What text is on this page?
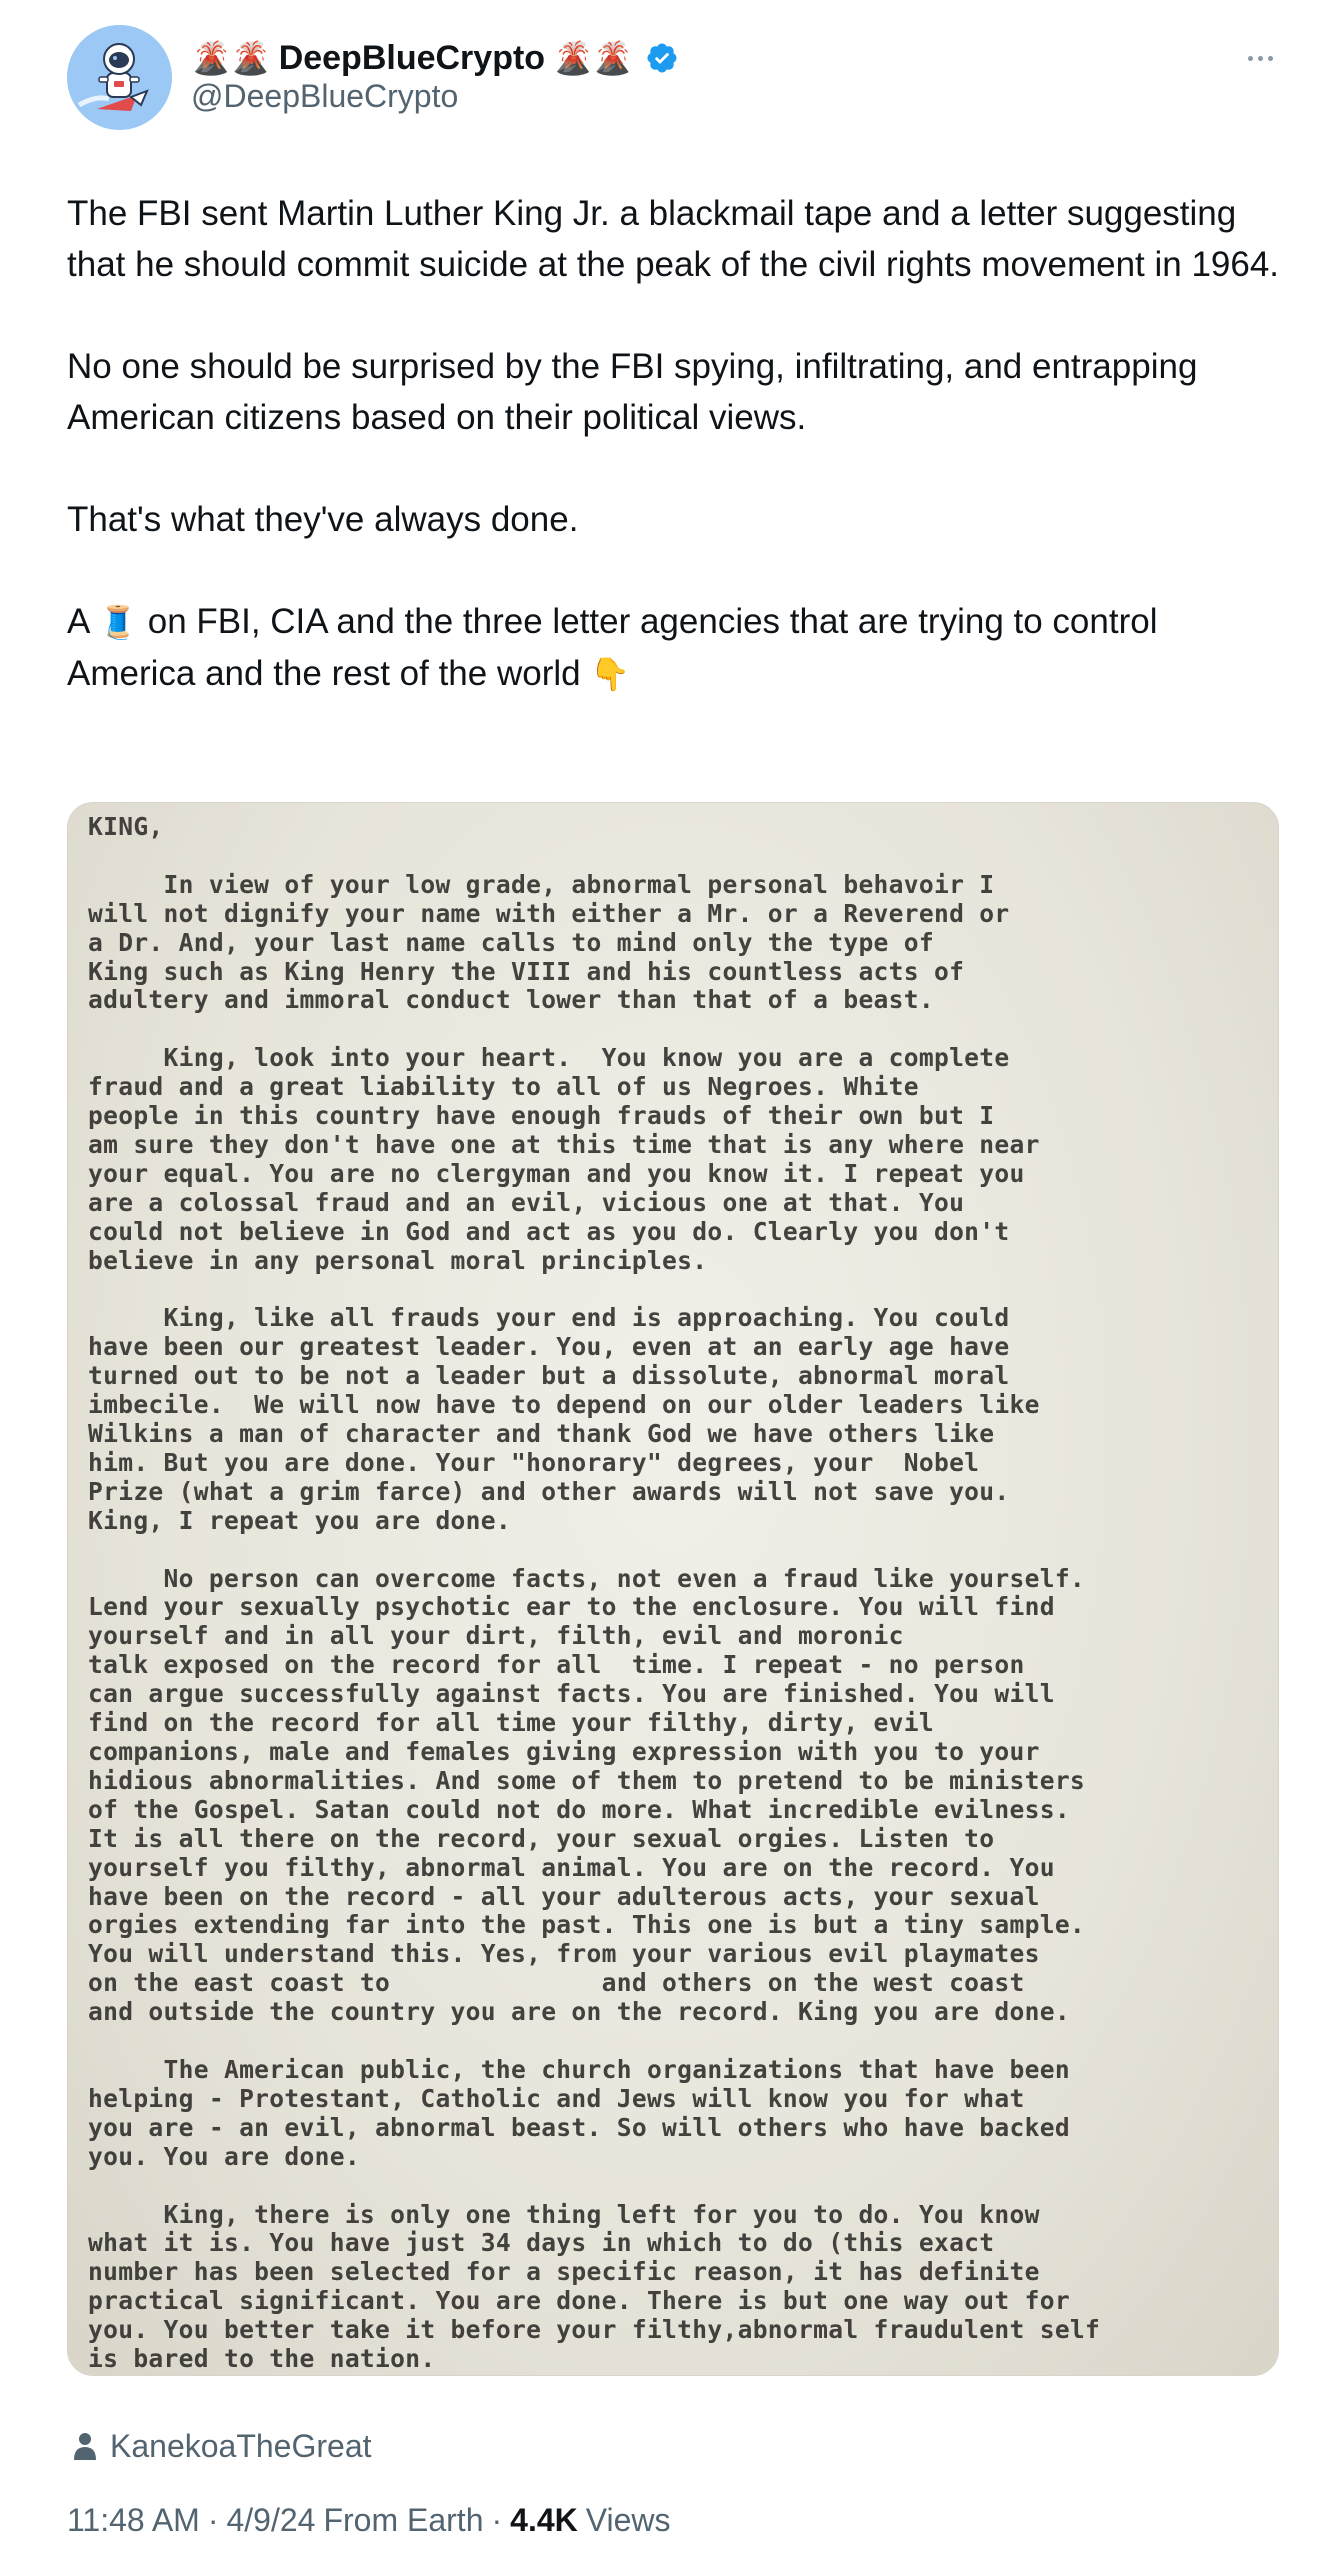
🌋🌋 DeepBlueCrypto 🌋🌋
@DeepBlueCrypto

The FBI sent Martin Luther King Jr. a blackmail tape and a letter suggesting that he should commit suicide at the peak of the civil rights movement in 1964.

No one should be surprised by the FBI spying, infiltrating, and entrapping American citizens based on their political views.

That's what they've always done.

A 🧵 on FBI, CIA and the three letter agencies that are trying to control America and the rest of the world 👇

KING,

In view of your low grade, abnormal personal behavoir I
will not dignify your name with either a Mr. or a Reverend or
a Dr. And, your last name calls to mind only the type of
King such as King Henry the VIII and his countless acts of
adultery and immoral conduct lower than that of a beast.

King, look into your heart.  You know you are a complete
fraud and a great liability to all of us Negroes. White
people in this country have enough frauds of their own but I
am sure they don't have one at this time that is any where near
your equal. You are no clergyman and you know it. I repeat you
are a colossal fraud and an evil, vicious one at that. You
could not believe in God and act as you do. Clearly you don't
believe in any personal moral principles.

King, like all frauds your end is approaching. You could
have been our greatest leader. You, even at an early age have
turned out to be not a leader but a dissolute, abnormal moral
imbecile.  We will now have to depend on our older leaders like
Wilkins a man of character and thank God we have others like
him. But you are done. Your "honorary" degrees, your  Nobel
Prize (what a grim farce) and other awards will not save you.
King, I repeat you are done.

No person can overcome facts, not even a fraud like yourself.
Lend your sexually psychotic ear to the enclosure. You will find
yourself and in all your dirt, filth, evil and moronic
talk exposed on the record for all  time. I repeat - no person
can argue successfully against facts. You are finished. You will
find on the record for all time your filthy, dirty, evil
companions, male and females giving expression with you to your
hidious abnormalities. And some of them to pretend to be ministers
of the Gospel. Satan could not do more. What incredible evilness.
It is all there on the record, your sexual orgies. Listen to
yourself you filthy, abnormal animal. You are on the record. You
have been on the record - all your adulterous acts, your sexual
orgies extending far into the past. This one is but a tiny sample.
You will understand this. Yes, from your various evil playmates
on the east coast to              and others on the west coast
and outside the country you are on the record. King you are done.

The American public, the church organizations that have been
helping - Protestant, Catholic and Jews will know you for what
you are - an evil, abnormal beast. So will others who have backed
you. You are done.

King, there is only one thing left for you to do. You know
what it is. You have just 34 days in which to do (this exact
number has been selected for a specific reason, it has definite
practical significant. You are done. There is but one way out for
you. You better take it before your filthy,abnormal fraudulent self
is bared to the nation.
KanekoaTheGreat
11:48 AM · 4/9/24 From Earth · 4.4K Views
